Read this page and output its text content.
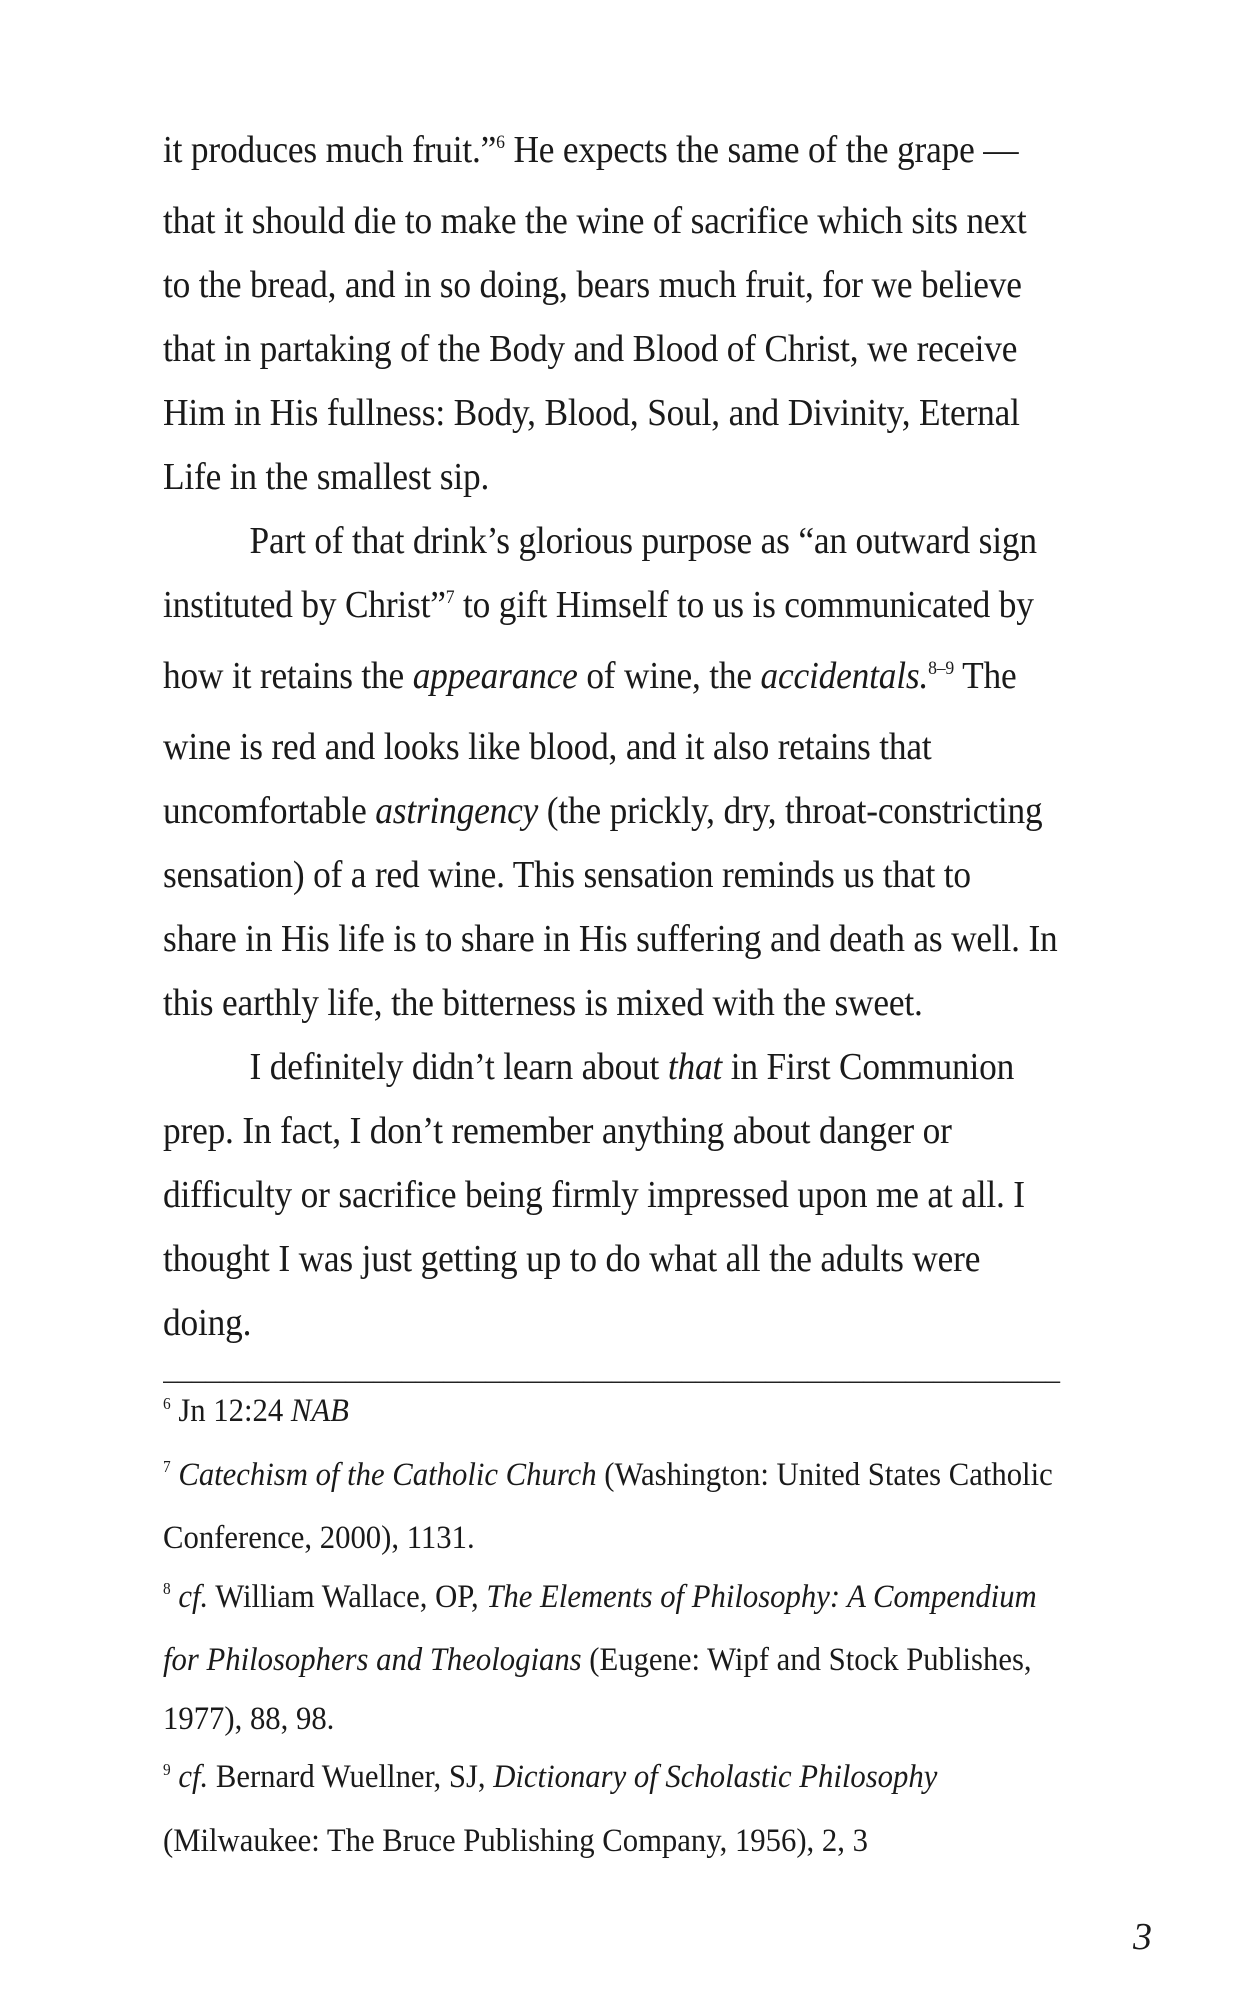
it produces much fruit.”$^6$ He expects the same of the grape ―
that it should die to make the wine of sacrifice which sits next
to the bread, and in so doing, bears much fruit, for we believe
that in partaking of the Body and Blood of Christ, we receive
Him in His fullness: Body, Blood, Soul, and Divinity, Eternal
Life in the smallest sip.
Part of that drink’s glorious purpose as “an outward sign
instituted by Christ”$^7$ to gift Himself to us is communicated by
how it retains the appearance of wine, the accidentals.$^{8-9}$ The
wine is red and looks like blood, and it also retains that
uncomfortable astringency (the prickly, dry, throat-constricting
sensation) of a red wine. This sensation reminds us that to
share in His life is to share in His suffering and death as well. In
this earthly life, the bitterness is mixed with the sweet.
I definitely didn’t learn about that in First Communion
prep. In fact, I don’t remember anything about danger or
difficulty or sacrifice being firmly impressed upon me at all. I
thought I was just getting up to do what all the adults were
doing.
________________________________________________________________
$^6$ Jn 12:24 NAB
$^7$ Catechism of the Catholic Church (Washington: United States Catholic
Conference, 2000), 1131.
$^8$ cf. William Wallace, OP, The Elements of Philosophy: A Compendium
for Philosophers and Theologians (Eugene: Wipf and Stock Publishes,
1977), 88, 98.
$^9$ cf. Bernard Wuellner, SJ, Dictionary of Scholastic Philosophy
(Milwaukee: The Bruce Publishing Company, 1956), 2, 3
3
